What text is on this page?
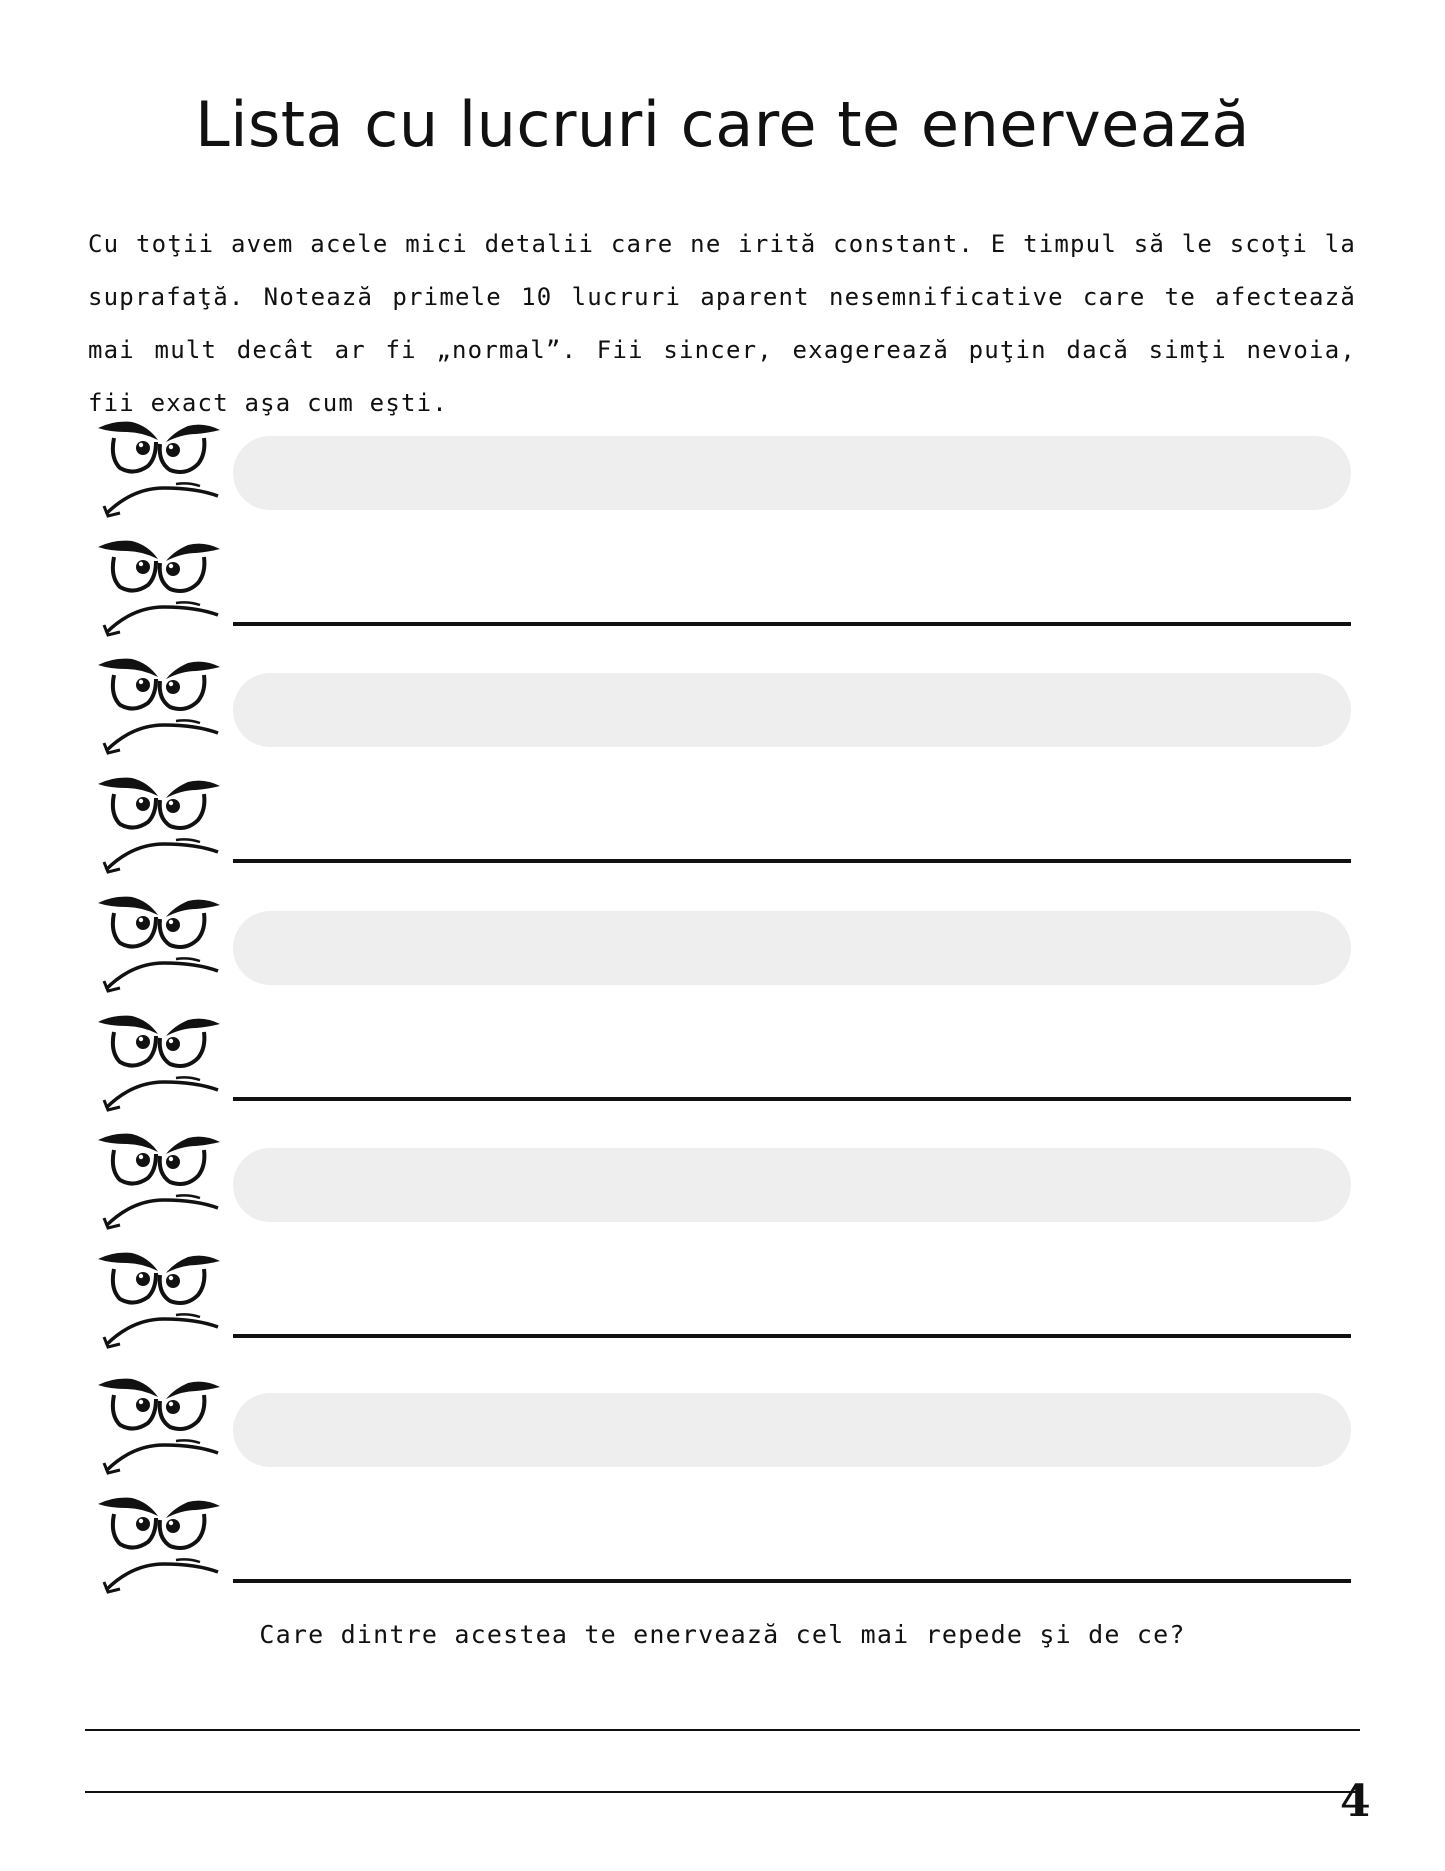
Lista cu lucruri care te enervează

Cu toţii avem acele mici detalii care ne irită constant. E timpul să le scoţi la suprafaţă. Notează primele 10 lucruri aparent nesemnificative care te afectează mai mult decât ar fi „normal”. Fii sincer, exagerează puţin dacă simţi nevoia, fii exact aşa cum eşti.

Care dintre acestea te enervează cel mai repede şi de ce?
4
